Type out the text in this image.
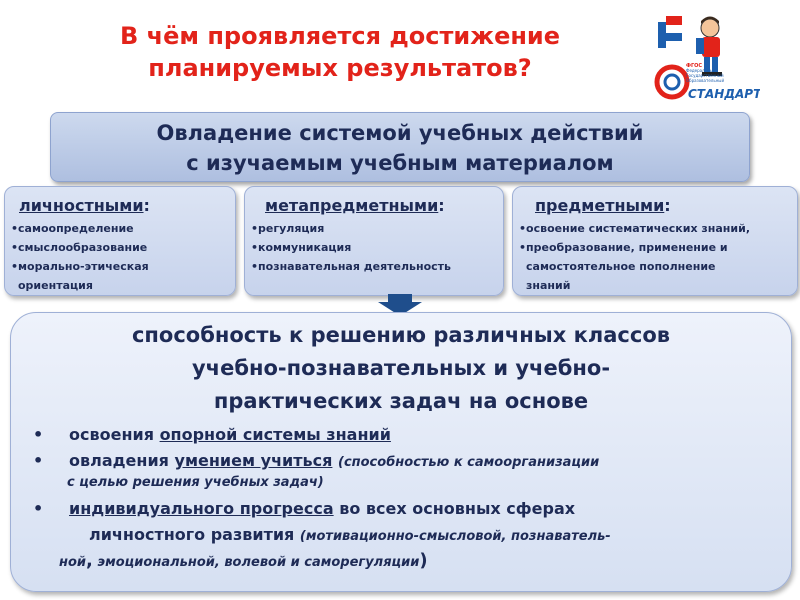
В чём проявляется достижение
планируемых результатов?	Федеральный
Государственный
Образовательный
ФГОС
СТАНДАРТ
Овладение системой учебных действий
с изучаемым учебным материалом
личностными:
•самоопределение
•смыслообразование
•морально-этическая
ориентация
метапредметными:
•регуляция
•коммуникация
•познавательная деятельность
предметными:
•освоение систематических знаний,
•преобразование, применение и
самостоятельное пополнение
знаний
способность к решению различных классов
учебно-познавательных и учебно-
практических задач на основе
• освоения опорной системы знаний
• овладения умением учиться (способностью к самоорганизации
с целью решения учебных задач)
• индивидуального прогресса во всех основных сферах
личностного развития (мотивационно-смысловой, познаватель-
ной, эмоциональной, волевой и саморегуляции)
